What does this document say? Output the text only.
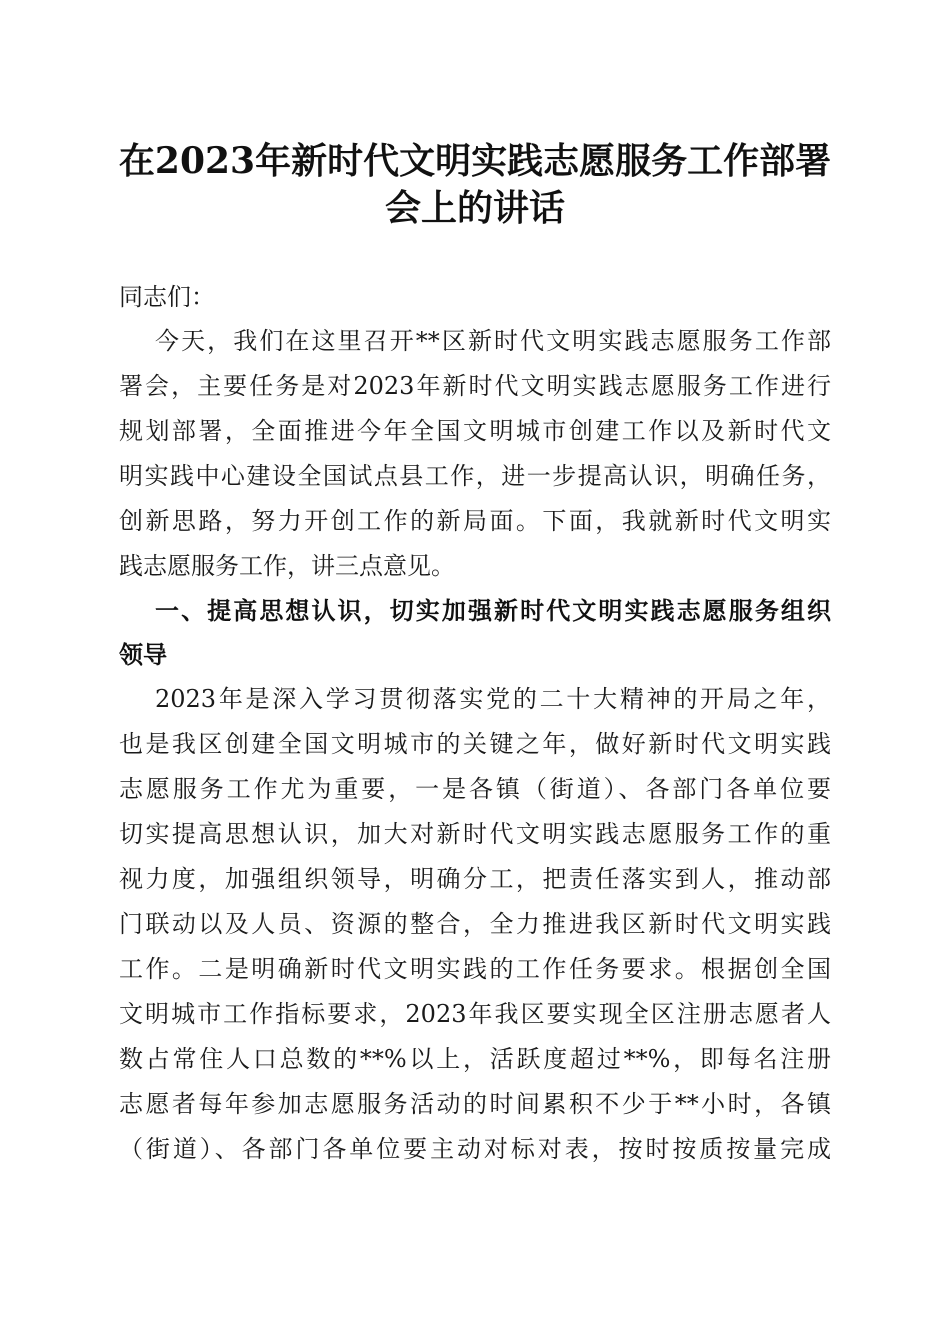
在2023年新时代文明实践志愿服务工作部署
会上的讲话
同志们：
今天，我们在这里召开**区新时代文明实践志愿服务工作部
署会，主要任务是对2023年新时代文明实践志愿服务工作进行
规划部署，全面推进今年全国文明城市创建工作以及新时代文
明实践中心建设全国试点县工作，进一步提高认识，明确任务，
创新思路，努力开创工作的新局面。下面，我就新时代文明实
践志愿服务工作，讲三点意见。
一、提高思想认识，切实加强新时代文明实践志愿服务组织
领导
2023年是深入学习贯彻落实党的二十大精神的开局之年，
也是我区创建全国文明城市的关键之年，做好新时代文明实践
志愿服务工作尤为重要，一是各镇（街道）、各部门各单位要
切实提高思想认识，加大对新时代文明实践志愿服务工作的重
视力度，加强组织领导，明确分工，把责任落实到人，推动部
门联动以及人员、资源的整合，全力推进我区新时代文明实践
工作。二是明确新时代文明实践的工作任务要求。根据创全国
文明城市工作指标要求，2023年我区要实现全区注册志愿者人
数占常住人口总数的**%以上，活跃度超过**%，即每名注册
志愿者每年参加志愿服务活动的时间累积不少于**小时，各镇
（街道）、各部门各单位要主动对标对表，按时按质按量完成
